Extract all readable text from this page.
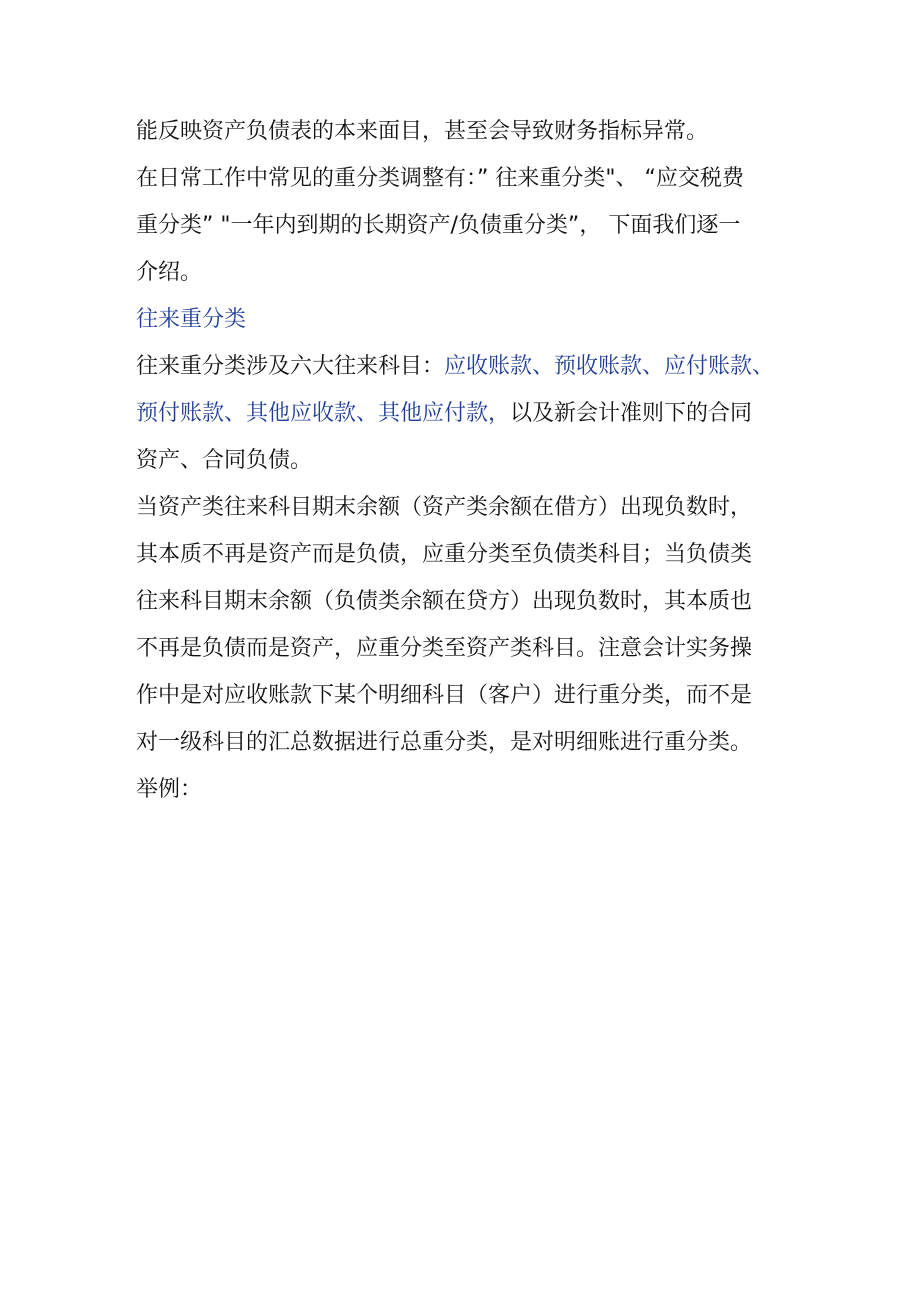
能反映资产负债表的本来面目，甚至会导致财务指标异常。
在日常工作中常见的重分类调整有：” 往来重分类"、 “应交税费
重分类” "一年内到期的长期资产/负债重分类”， 下面我们逐一
介绍。
往来重分类
往来重分类涉及六大往来科目：应收账款、预收账款、应付账款、
预付账款、其他应收款、其他应付款，以及新会计准则下的合同
资产、合同负债。
当资产类往来科目期末余额（资产类余额在借方）出现负数时，
其本质不再是资产而是负债，应重分类至负债类科目；当负债类
往来科目期末余额（负债类余额在贷方）出现负数时，其本质也
不再是负债而是资产，应重分类至资产类科目。注意会计实务操
作中是对应收账款下某个明细科目（客户）进行重分类，而不是
对一级科目的汇总数据进行总重分类，是对明细账进行重分类。
举例：
